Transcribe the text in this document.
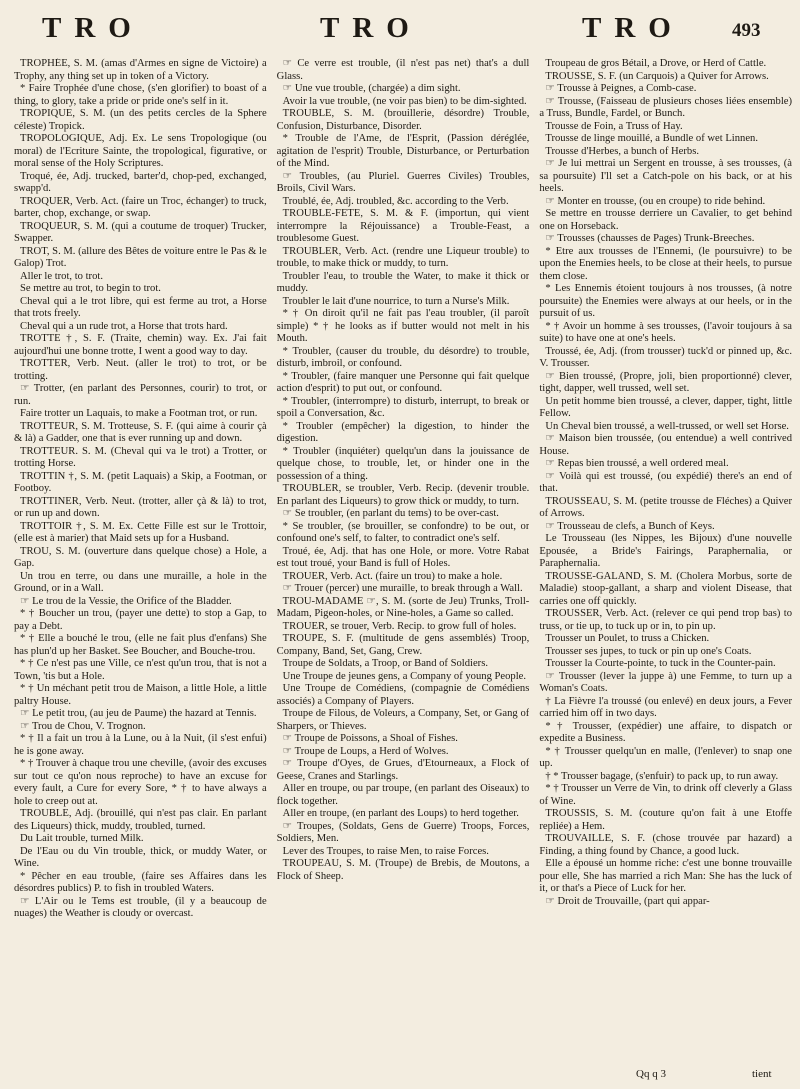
TRO	TRO	TRO	493

TROPHÉE, S. M. (amas d'Armes en signe de Victoire) a Trophy, any thing set up in token of a Victory.

* Faire Trophée d'une chose, (s'en glorifier) to boast of a thing, to glory, take a pride or pride one's self in it.

TROPIQUE, S. M. (un des petits cercles de la Sphere céleste) Tropick.

TROPOLOGIQUE, Adj. Ex. Le sens Tropologique (ou moral) de l'Ecriture Sainte, the tropological, figurative, or moral sense of the Holy Scriptures.

Troqué, ée, Adj. trucked, barter'd, chop-ped, exchanged, swapp'd.

TROQUER, Verb. Act. (faire un Troc, échanger) to truck, barter, chop, exchange, or swap.

TROQUEUR, S. M. (qui a coutume de troquer) Trucker, Swapper.

TROT, S. M. (allure des Bêtes de voiture entre le Pas & le Galop) Trot.

Aller le trot, to trot.

Se mettre au trot, to begin to trot.

Cheval qui a le trot libre, qui est ferme au trot, a Horse that trots freely.

Cheval qui a un rude trot, a Horse that trots hard.

TROTTE †, S. F. (Traite, chemin) way. Ex. J'ai fait aujourd'hui une bonne trotte, I went a good way to day.

TROTTER, Verb. Neut. (aller le trot) to trot, or be trotting.

☞ Trotter, (en parlant des Personnes, courir) to trot, or run.

Faire trotter un Laquais, to make a Footman trot, or run.

TROTTEUR, S. M. Trotteuse, S. F. (qui aime à courir çà & là) a Gadder, one that is ever running up and down.

TROTTEUR. S. M. (Cheval qui va le trot) a Trotter, or trotting Horse.

TROTTIN †, S. M. (petit Laquais) a Skip, a Footman, or Footboy.

TROTTINER, Verb. Neut. (trotter, aller çà & là) to trot, or run up and down.

TROTTOIR †, S. M. Ex. Cette Fille est sur le Trottoir, (elle est à marier) that Maid sets up for a Husband.

TROU, S. M. (ouverture dans quelque chose) a Hole, a Gap.

Un trou en terre, ou dans une muraille, a hole in the Ground, or in a Wall.

☞ Le trou de la Vessie, the Orifice of the Bladder.

* † Boucher un trou, (payer une dette) to stop a Gap, to pay a Debt.

* † Elle a bouché le trou, (elle ne fait plus d'enfans) She has plun'd up her Basket. See Boucher, and Bouche-trou.

* † Ce n'est pas une Ville, ce n'est qu'un trou, that is not a Town, 'tis but a Hole.

* † Un méchant petit trou de Maison, a little Hole, a little paltry House.

☞ Le petit trou, (au jeu de Paume) the hazard at Tennis.

☞ Trou de Chou, V. Trognon.

* † Il a fait un trou à la Lune, ou à la Nuit, (il s'est enfui) he is gone away.

* † Trouver à chaque trou une cheville, (avoir des excuses sur tout ce qu'on nous reproche) to have an excuse for every fault, a Cure for every Sore, * † to have always a hole to creep out at.

TROUBLE, Adj. (brouillé, qui n'est pas clair. En parlant des Liqueurs) thick, muddy, troubled, turned.

Du Lait trouble, turned Milk.

De l'Eau ou du Vin trouble, thick, or muddy Water, or Wine.

* Pêcher en eau trouble, (faire ses Affaires dans les désordres publics) P. to fish in troubled Waters.

☞ L'Air ou le Tems est trouble, (il y a beaucoup de nuages) the Weather is cloudy or overcast.

☞ Ce verre est trouble, (il n'est pas net) that's a dull Glass.

☞ Une vue trouble, (chargée) a dim sight.

Avoir la vue trouble, (ne voir pas bien) to be dim-sighted.

TROUBLE, S. M. (brouillerie, désordre) Trouble, Confusion, Disturbance, Disorder.

* Trouble de l'Ame, de l'Esprit, (Passion déréglée, agitation de l'esprit) Trouble, Disturbance, or Perturbation of the Mind.

☞ Troubles, (au Pluriel. Guerres Civiles) Troubles, Broils, Civil Wars.

Troublé, ée, Adj. troubled, &c. according to the Verb.

TROUBLE-FETE, S. M. & F. (importun, qui vient interrompre la Réjouissance) a Trouble-Feast, a troublesome Guest.

TROUBLER, Verb. Act. (rendre une Liqueur trouble) to trouble, to make thick or muddy, to turn.

Troubler l'eau, to trouble the Water, to make it thick or muddy.

Troubler le lait d'une nourrice, to turn a Nurse's Milk.

* † On diroit qu'il ne fait pas l'eau troubler, (il paroît simple) * † he looks as if butter would not melt in his Mouth.

* Troubler, (causer du trouble, du désordre) to trouble, disturb, imbroil, or confound.

* Troubler, (faire manquer une Personne qui fait quelque action d'esprit) to put out, or confound.

* Troubler, (interrompre) to disturb, interrupt, to break or spoil a Conversation, &c.

* Troubler (empêcher) la digestion, to hinder the digestion.

* Troubler (inquiéter) quelqu'un dans la jouissance de quelque chose, to trouble, let, or hinder one in the possession of a thing.

TROUBLER, se troubler, Verb. Recip. (devenir trouble. En parlant des Liqueurs) to grow thick or muddy, to turn.

☞ Se troubler, (en parlant du tems) to be over-cast.

* Se troubler, (se brouiller, se confondre) to be out, or confound one's self, to falter, to contradict one's self.

Troué, ée, Adj. that has one Hole, or more. Votre Rabat est tout troué, your Band is full of Holes.

TROUER, Verb. Act. (faire un trou) to make a hole.

☞ Trouer (percer) une muraille, to break through a Wall.

TROU-MADAME ☞, S. M. (sorte de Jeu) Trunks, Troll-Madam, Pigeon-holes, or Nine-holes, a Game so called.

TROUER, se trouer, Verb. Recip. to grow full of holes.

TROUPE, S. F. (multitude de gens assemblés) Troop, Company, Band, Set, Gang, Crew.

Troupe de Soldats, a Troop, or Band of Soldiers.

Une Troupe de jeunes gens, a Company of young People.

Une Troupe de Comédiens, (compagnie de Comédiens associés) a Company of Players.

Troupe de Filous, de Voleurs, a Company, Set, or Gang of Sharpers, or Thieves.

☞ Troupe de Poissons, a Shoal of Fishes.

☞ Troupe de Loups, a Herd of Wolves.

☞ Troupe d'Oyes, de Grues, d'Etourneaux, a Flock of Geese, Cranes and Starlings.

Aller en troupe, ou par troupe, (en parlant des Oiseaux) to flock together.

Aller en troupe, (en parlant des Loups) to herd together.

☞ Troupes, (Soldats, Gens de Guerre) Troops, Forces, Soldiers, Men.

Lever des Troupes, to raise Men, to raise Forces.

TROUPEAU, S. M. (Troupe) de Brebis, de Moutons, a Flock of Sheep.

Troupeau de gros Bétail, a Drove, or Herd of Cattle.

TROUSSE, S. F. (un Carquois) a Quiver for Arrows.

☞ Trousse à Peignes, a Comb-case.

☞ Trousse, (Faisseau de plusieurs choses liées ensemble) a Truss, Bundle, Fardel, or Bunch.

Trousse de Foin, a Truss of Hay.

Trousse de linge mouillé, a Bundle of wet Linnen.

Trousse d'Herbes, a bunch of Herbs.

☞ Je lui mettrai un Sergent en trousse, à ses trousses, (à sa poursuite) I'll set a Catch-pole on his back, or at his heels.

☞ Monter en trousse, (ou en croupe) to ride behind.

Se mettre en trousse derriere un Cavalier, to get behind one on Horseback.

☞ Trousses (chausses de Pages) Trunk-Breeches.

* Etre aux trousses de l'Ennemi, (le poursuivre) to be upon the Enemies heels, to be close at their heels, to pursue them close.

* Les Ennemis étoient toujours à nos trousses, (à notre poursuite) the Enemies were always at our heels, or in the pursuit of us.

* † Avoir un homme à ses trousses, (l'avoir toujours à sa suite) to have one at one's heels.

Troussé, ée, Adj. (from trousser) tuck'd or pinned up, &c. V. Trousser.

☞ Bien troussé, (Propre, joli, bien proportionné) clever, tight, dapper, well trussed, well set.

Un petit homme bien troussé, a clever, dapper, tight, little Fellow.

Un Cheval bien troussé, a well-trussed, or well set Horse.

☞ Maison bien troussée, (ou entendue) a well contrived House.

☞ Repas bien troussé, a well ordered meal.

☞ Voilà qui est troussé, (ou expédié) there's an end of that.

TROUSSEAU, S. M. (petite trousse de Fléches) a Quiver of Arrows.

☞ Trousseau de clefs, a Bunch of Keys.

Le Trousseau (les Nippes, les Bijoux) d'une nouvelle Epousée, a Bride's Fairings, Paraphernalia, or Paraphernalia.

TROUSSE-GALAND, S. M. (Cholera Morbus, sorte de Maladie) stoop-gallant, a sharp and violent Disease, that carries one off quickly.

TROUSSER, Verb. Act. (relever ce qui pend trop bas) to truss, or tie up, to tuck up or in, to pin up.

Trousser un Poulet, to truss a Chicken.

Trousser ses jupes, to tuck or pin up one's Coats.

Trousser la Courte-pointe, to tuck in the Counter-pain.

☞ Trousser (lever la juppe à) une Femme, to turn up a Woman's Coats.

† La Fièvre l'a troussé (ou enlevé) en deux jours, a Fever carried him off in two days.

* † Trousser, (expédier) une affaire, to dispatch or expedite a Business.

* † Trousser quelqu'un en malle, (l'enlever) to snap one up.

† * Trousser bagage, (s'enfuir) to pack up, to run away.

* † Trousser un Verre de Vin, to drink off cleverly a Glass of Wine.

TROUSSIS, S. M. (couture qu'on fait à une Etoffe repliée) a Hem.

TROUVAILLE, S. F. (chose trouvée par hazard) a Finding, a thing found by Chance, a good luck.

Elle a épousé un homme riche: c'est une bonne trouvaille pour elle, She has married a rich Man: She has the luck of it, or that's a Piece of Luck for her.

☞ Droit de Trouvaille, (part qui appar-

Qq q 3	tient
